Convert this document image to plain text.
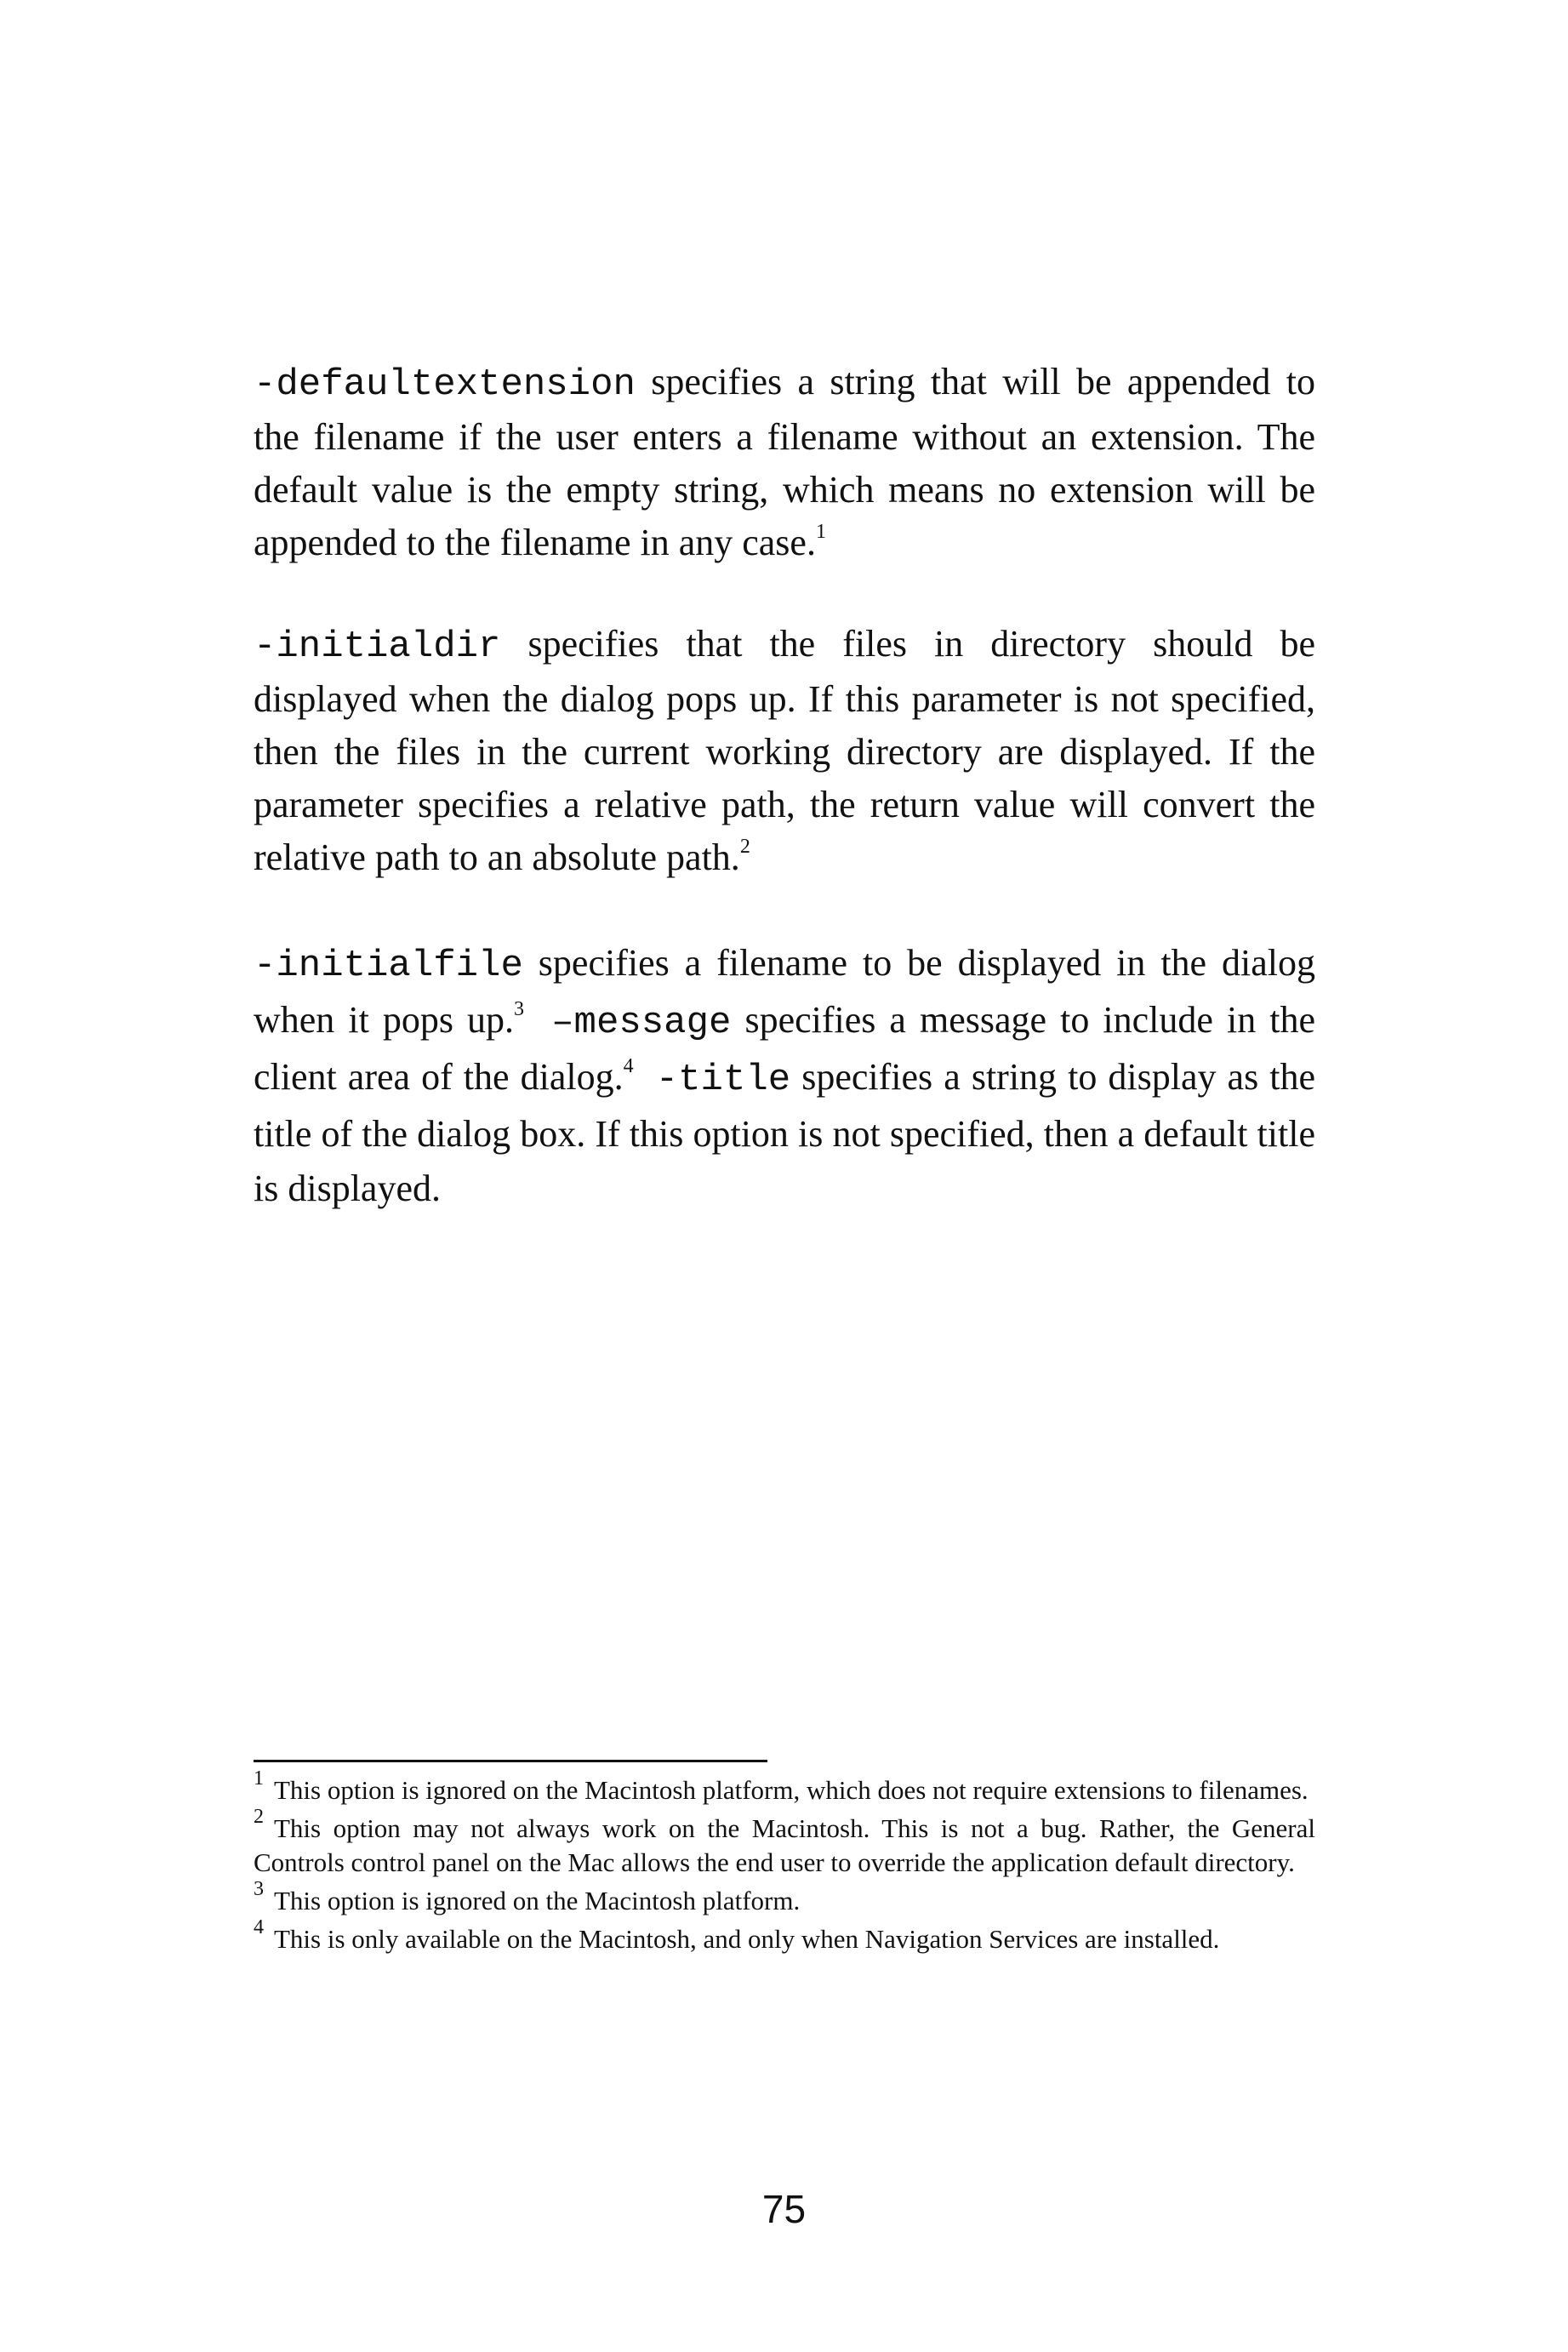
-defaultextension specifies a string that will be appended to the filename if the user enters a filename without an extension. The default value is the empty string, which means no extension will be appended to the filename in any case.$^1$

-initialdir specifies that the files in directory should be displayed when the dialog pops up. If this parameter is not specified, then the files in the current working directory are displayed. If the parameter specifies a relative path, the return value will convert the relative path to an absolute path.$^2$

-initialfile specifies a filename to be displayed in the dialog when it pops up.$^3$ –message specifies a message to include in the client area of the dialog.$^4$ -title specifies a string to display as the title of the dialog box. If this option is not specified, then a default title is displayed.

$^1$ This option is ignored on the Macintosh platform, which does not require extensions to filenames.

$^2$ This option may not always work on the Macintosh. This is not a bug. Rather, the General Controls control panel on the Mac allows the end user to override the application default directory.

$^3$ This option is ignored on the Macintosh platform.

$^4$ This is only available on the Macintosh, and only when Navigation Services are installed.

75
